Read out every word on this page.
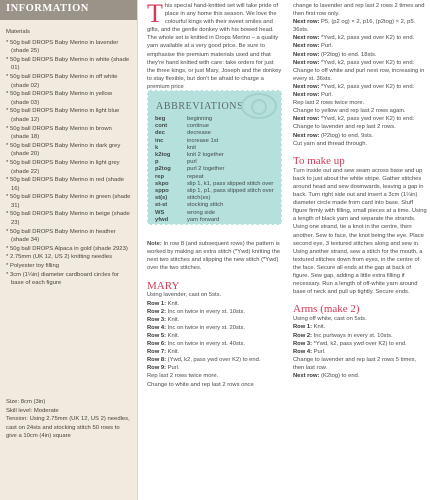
INFORMATION
Materials
* 50g ball DROPS Baby Merino in lavender (shade 25)
* 50g ball DROPS Baby Merino in white (shade 01)
* 50g ball DROPS Baby Merino in off white (shade 02)
* 50g ball DROPS Baby Merino in yellow (shade 03)
* 50g ball DROPS Baby Merino in light blue (shade 12)
* 50g ball DROPS Baby Merino in brown (shade 18)
* 50g ball DROPS Baby Merino in dark grey (shade 20)
* 50g ball DROPS Baby Merino in light grey (shade 22)
* 50g ball DROPS Baby Merino in red (shade 16)
* 50g ball DROPS Baby Merino in green (shade 31)
* 50g ball DROPS Baby Merino in beige (shade 23)
* 50g ball DROPS Baby Merino in heather (shade 34)
* 50g ball DROPS Alpaca in gold (shade 2923)
* 2.75mm (UK 12, US 2) knitting needles
* Polyester toy filling
* 3cm (1¼in) diameter cardboard circles for base of each figure
Size: 8cm (3in)
Skill level: Moderate
Tension: Using 2.75mm (UK 12, US 2) needles, cast on 24sts and stocking stitch 50 rows to give a 10cm (4in) square

This special hand-knitted set will take pride of place in any home this season. We love the colourful kings with their sweet smiles and gifts, and the gentle donkey with his bowed head. The whole set is knitted in Drops Merino – a quality yarn available at a very good price. Be sure to emphasise the premium materials used and that they're hand knitted with care: take orders for just the three kings, or just Mary, Joseph and the donkey to stay flexible, but don't be afraid to charge a premium price

ABBREVIATIONS
beg	beginning
cont	continue
dec	decrease
inc	increase 1st
k	knit
k2tog	knit 2 together
p	purl
p2tog	purl 2 together
rep	repeat
skpo	slip 1, k1, pass slipped stitch over
sppo	slip 1, p1, pass slipped stitch over
st(s)	stitch(es)
st-st	stocking stitch
WS	wrong side
yfwd	yarn forward

Note: In row 8 (and subsequent rows) the pattern is worked by making an extra stitch (*Ywd) knitting the next two stitches and slipping the new stitch (*Ywd) over the two stitches.

MARY

Using lavender, cast on 5sts.

Row 1: Knit.

Row 2: Inc on twice in every st. 10sts.

Row 3: Knit.

Row 4: Inc on twice in every st. 20sts.

Row 5: Knit.

Row 6: Inc on twice in every st. 40sts.

Row 7: Knit.

Row 8: (Ywd, k2, pass ywd over K2) to end.

Row 9: Purl.

Rep last 2 rows twice more.

Change to white and rep last 2 rows once

change to lavender and rep last 2 rows 2 times and then first row only.

Next row: P5, (p2 og) × 2, p16, (p2tog) × 2, p5. 36sts.

Next row: *Ywd, k2, pass ywd over K2) to end.

Next row: Purl.

Next row: (P2tog) to end. 18sts.

Next row: *Ywd, k2, pass ywd over K2) to end.

Change to off white and purl next row, increasing in every st. 36sts.

Next row: *Ywd, k2, pass ywd over K2) to end.

Next row: Purl.

Rep last 2 rows twice more.

Change to yellow and rep last 2 rows again.

Next row: *Ywd, k2, pass ywd over K2) to end.

Change to lavender and rep last 2 rows.

Next row: (P2tog) to end. 9sts.

Cut yarn and thread through.

To make up

Turn inside out and sew seam across base and up back to just about the white stripe. Gather stitches around head and sew downwards, leaving a gap in back. Turn right side out and insert a 3cm (1¼in) diameter circle made from card into base. Stuff figure firmly with filling, small pieces at a time. Using a length of black yarn and separate the strands. Using one strand, tie a knot in the centre, then another. Sew to face, the knot being the eye. Place second eye, 3 textured stitches along and sew in. Using another strand, sew a stitch for the mouth, a textured stitches down from eyes, in the centre of the face. Secure all ends at the gap at back of figure. Sew gap, adding a little extra filling if necessary. Run a length of off-white yarn around base of neck and pull up tightly. Secure ends.

Arms (make 2)

Using off white, cast on 5sts.

Row 1: Knit.

Row 2: Inc purlways in every st. 10sts.

Row 3: *Ywd, k2, pass ywd over K2) to end.

Row 4: Purl.

Change to lavender and rep last 2 rows 5 times, then last row.

Next row: (K2tog) to end.
